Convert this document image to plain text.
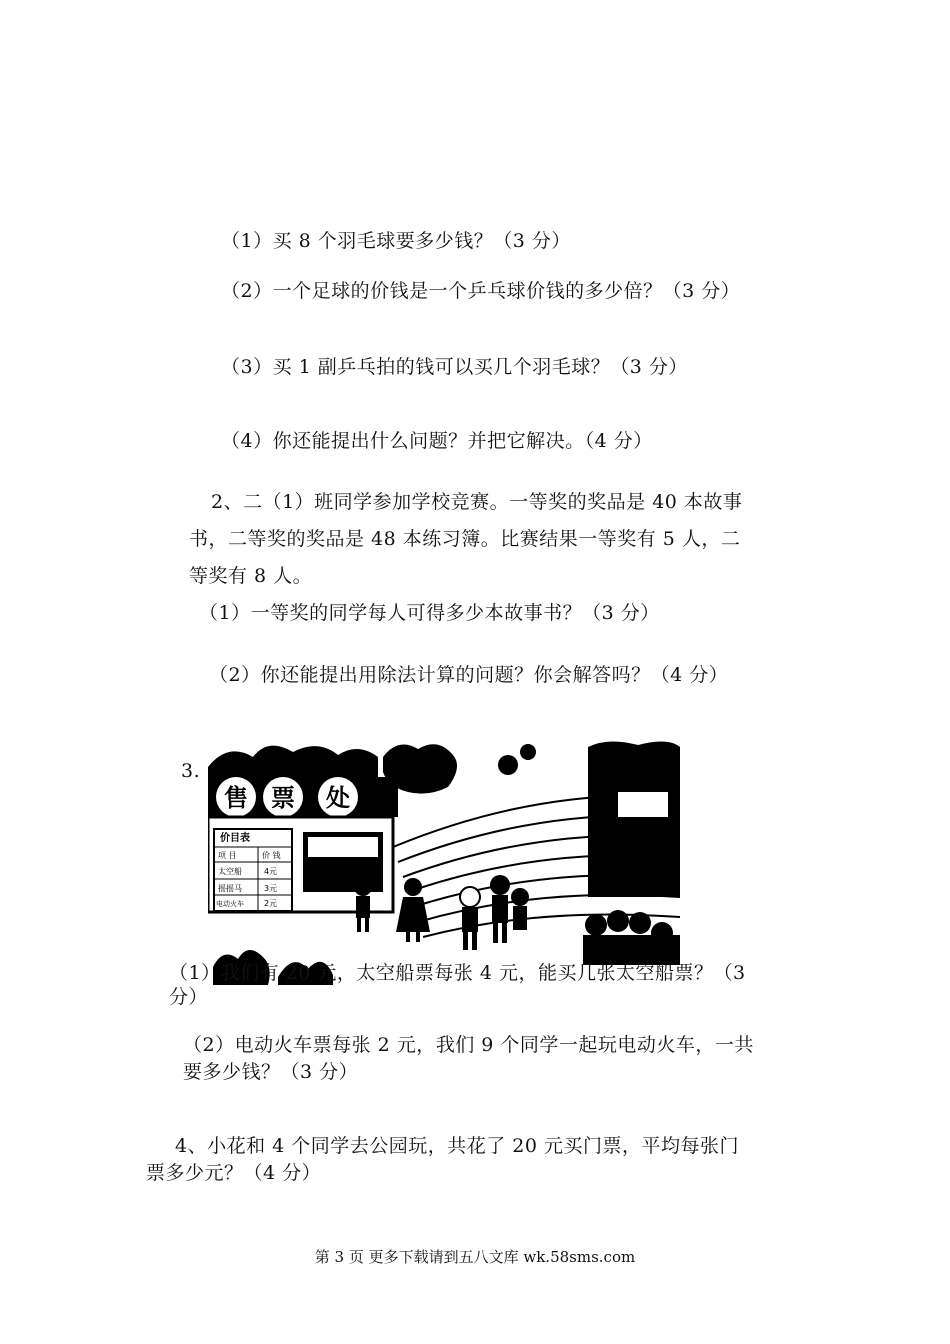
（1）买 8 个羽毛球要多少钱？（3 分）
（2）一个足球的价钱是一个乒乓球价钱的多少倍？（3 分）
（3）买 1 副乒乓拍的钱可以买几个羽毛球？（3 分）
（4）你还能提出什么问题？并把它解决。（4 分）
2、二（1）班同学参加学校竞赛。一等奖的奖品是 40 本故事
书，二等奖的奖品是 48 本练习簿。比赛结果一等奖有 5 人，二
等奖有 8 人。
（1）一等奖的同学每人可得多少本故事书？（3 分）
（2）你还能提出用除法计算的问题？你会解答吗？（4 分）
3.
售 票 处
价目表
项 目	价 钱
太空船	4元
摇摇马	3元
电动火车	2元
（1）我们有 20 元，太空船票每张 4 元，能买几张太空船票？（3
分）
（2）电动火车票每张 2 元，我们 9 个同学一起玩电动火车，一共
要多少钱？（3 分）
4、小花和 4 个同学去公园玩，共花了 20 元买门票，平均每张门
票多少元？（4 分）
第 3 页 更多下载请到五八文库 wk.58sms.com
